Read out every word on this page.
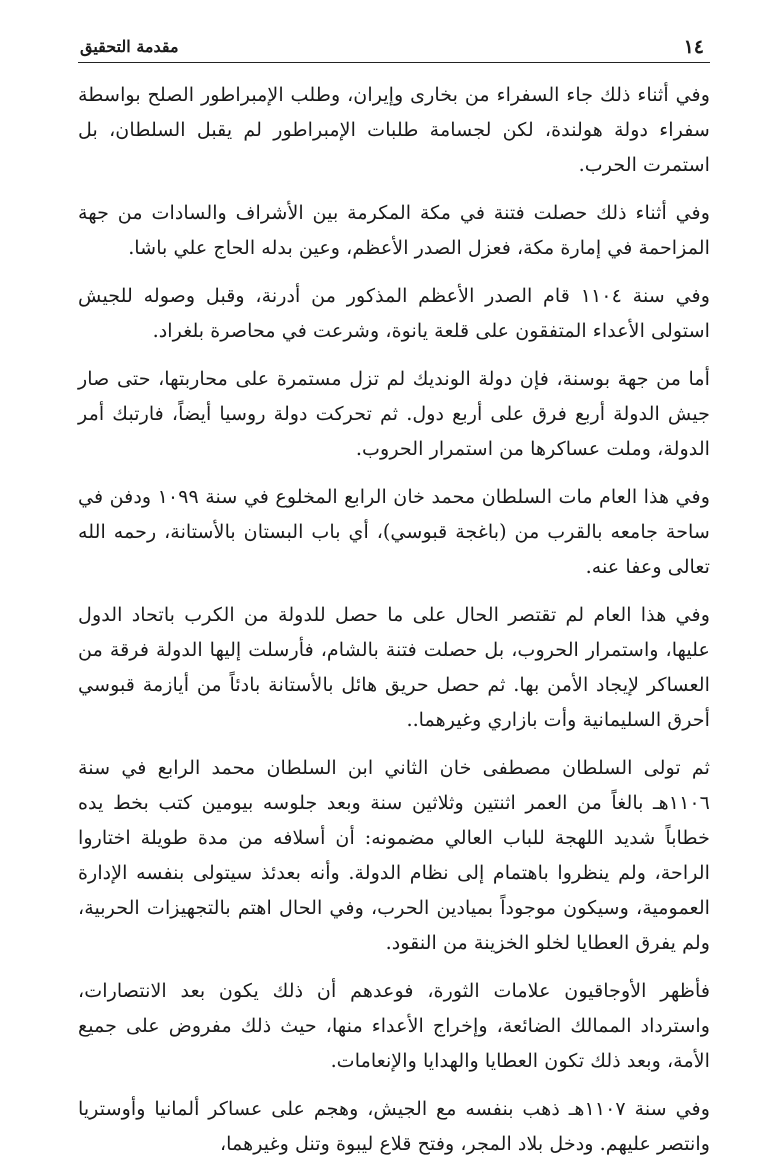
١٤
مقدمة التحقيق

وفي أثناء ذلك جاء السفراء من بخارى وإيران، وطلب الإمبراطور الصلح بواسطة سفراء دولة هولندة، لكن لجسامة طلبات الإمبراطور لم يقبل السلطان، بل استمرت الحرب.

وفي أثناء ذلك حصلت فتنة في مكة المكرمة بين الأشراف والسادات من جهة المزاحمة في إمارة مكة، فعزل الصدر الأعظم، وعين بدله الحاج علي باشا.

وفي سنة ١١٠٤ قام الصدر الأعظم المذكور من أدرنة، وقبل وصوله للجيش استولى الأعداء المتفقون على قلعة يانوة، وشرعت في محاصرة بلغراد.

أما من جهة بوسنة، فإن دولة الونديك لم تزل مستمرة على محاربتها، حتى صار جيش الدولة أربع فرق على أربع دول. ثم تحركت دولة روسيا أيضاً، فارتبك أمر الدولة، وملت عساكرها من استمرار الحروب.

وفي هذا العام مات السلطان محمد خان الرابع المخلوع في سنة ١٠٩٩ ودفن في ساحة جامعه بالقرب من (باغجة قبوسي)، أي باب البستان بالأستانة، رحمه الله تعالى وعفا عنه.

وفي هذا العام لم تقتصر الحال على ما حصل للدولة من الكرب باتحاد الدول عليها، واستمرار الحروب، بل حصلت فتنة بالشام، فأرسلت إليها الدولة فرقة من العساكر لإيجاد الأمن بها. ثم حصل حريق هائل بالأستانة بادئاً من أيازمة قبوسي أحرق السليمانية وأت بازاري وغيرهما..

ثم تولى السلطان مصطفى خان الثاني ابن السلطان محمد الرابع في سنة ١١٠٦هـ بالغاً من العمر اثنتين وثلاثين سنة وبعد جلوسه بيومين كتب بخط يده خطاباً شديد اللهجة للباب العالي مضمونه: أن أسلافه من مدة طويلة اختاروا الراحة، ولم ينظروا باهتمام إلى نظام الدولة. وأنه بعدئذ سيتولى بنفسه الإدارة العمومية، وسيكون موجوداً بميادين الحرب، وفي الحال اهتم بالتجهيزات الحربية، ولم يفرق العطايا لخلو الخزينة من النقود.

فأظهر الأوجاقيون علامات الثورة، فوعدهم أن ذلك يكون بعد الانتصارات، واسترداد الممالك الضائعة، وإخراج الأعداء منها، حيث ذلك مفروض على جميع الأمة، وبعد ذلك تكون العطايا والهدايا والإنعامات.

وفي سنة ١١٠٧هـ ذهب بنفسه مع الجيش، وهجم على عساكر ألمانيا وأوستريا وانتصر عليهم. ودخل بلاد المجر، وفتح قلاع ليبوة وتنل وغيرهما،
